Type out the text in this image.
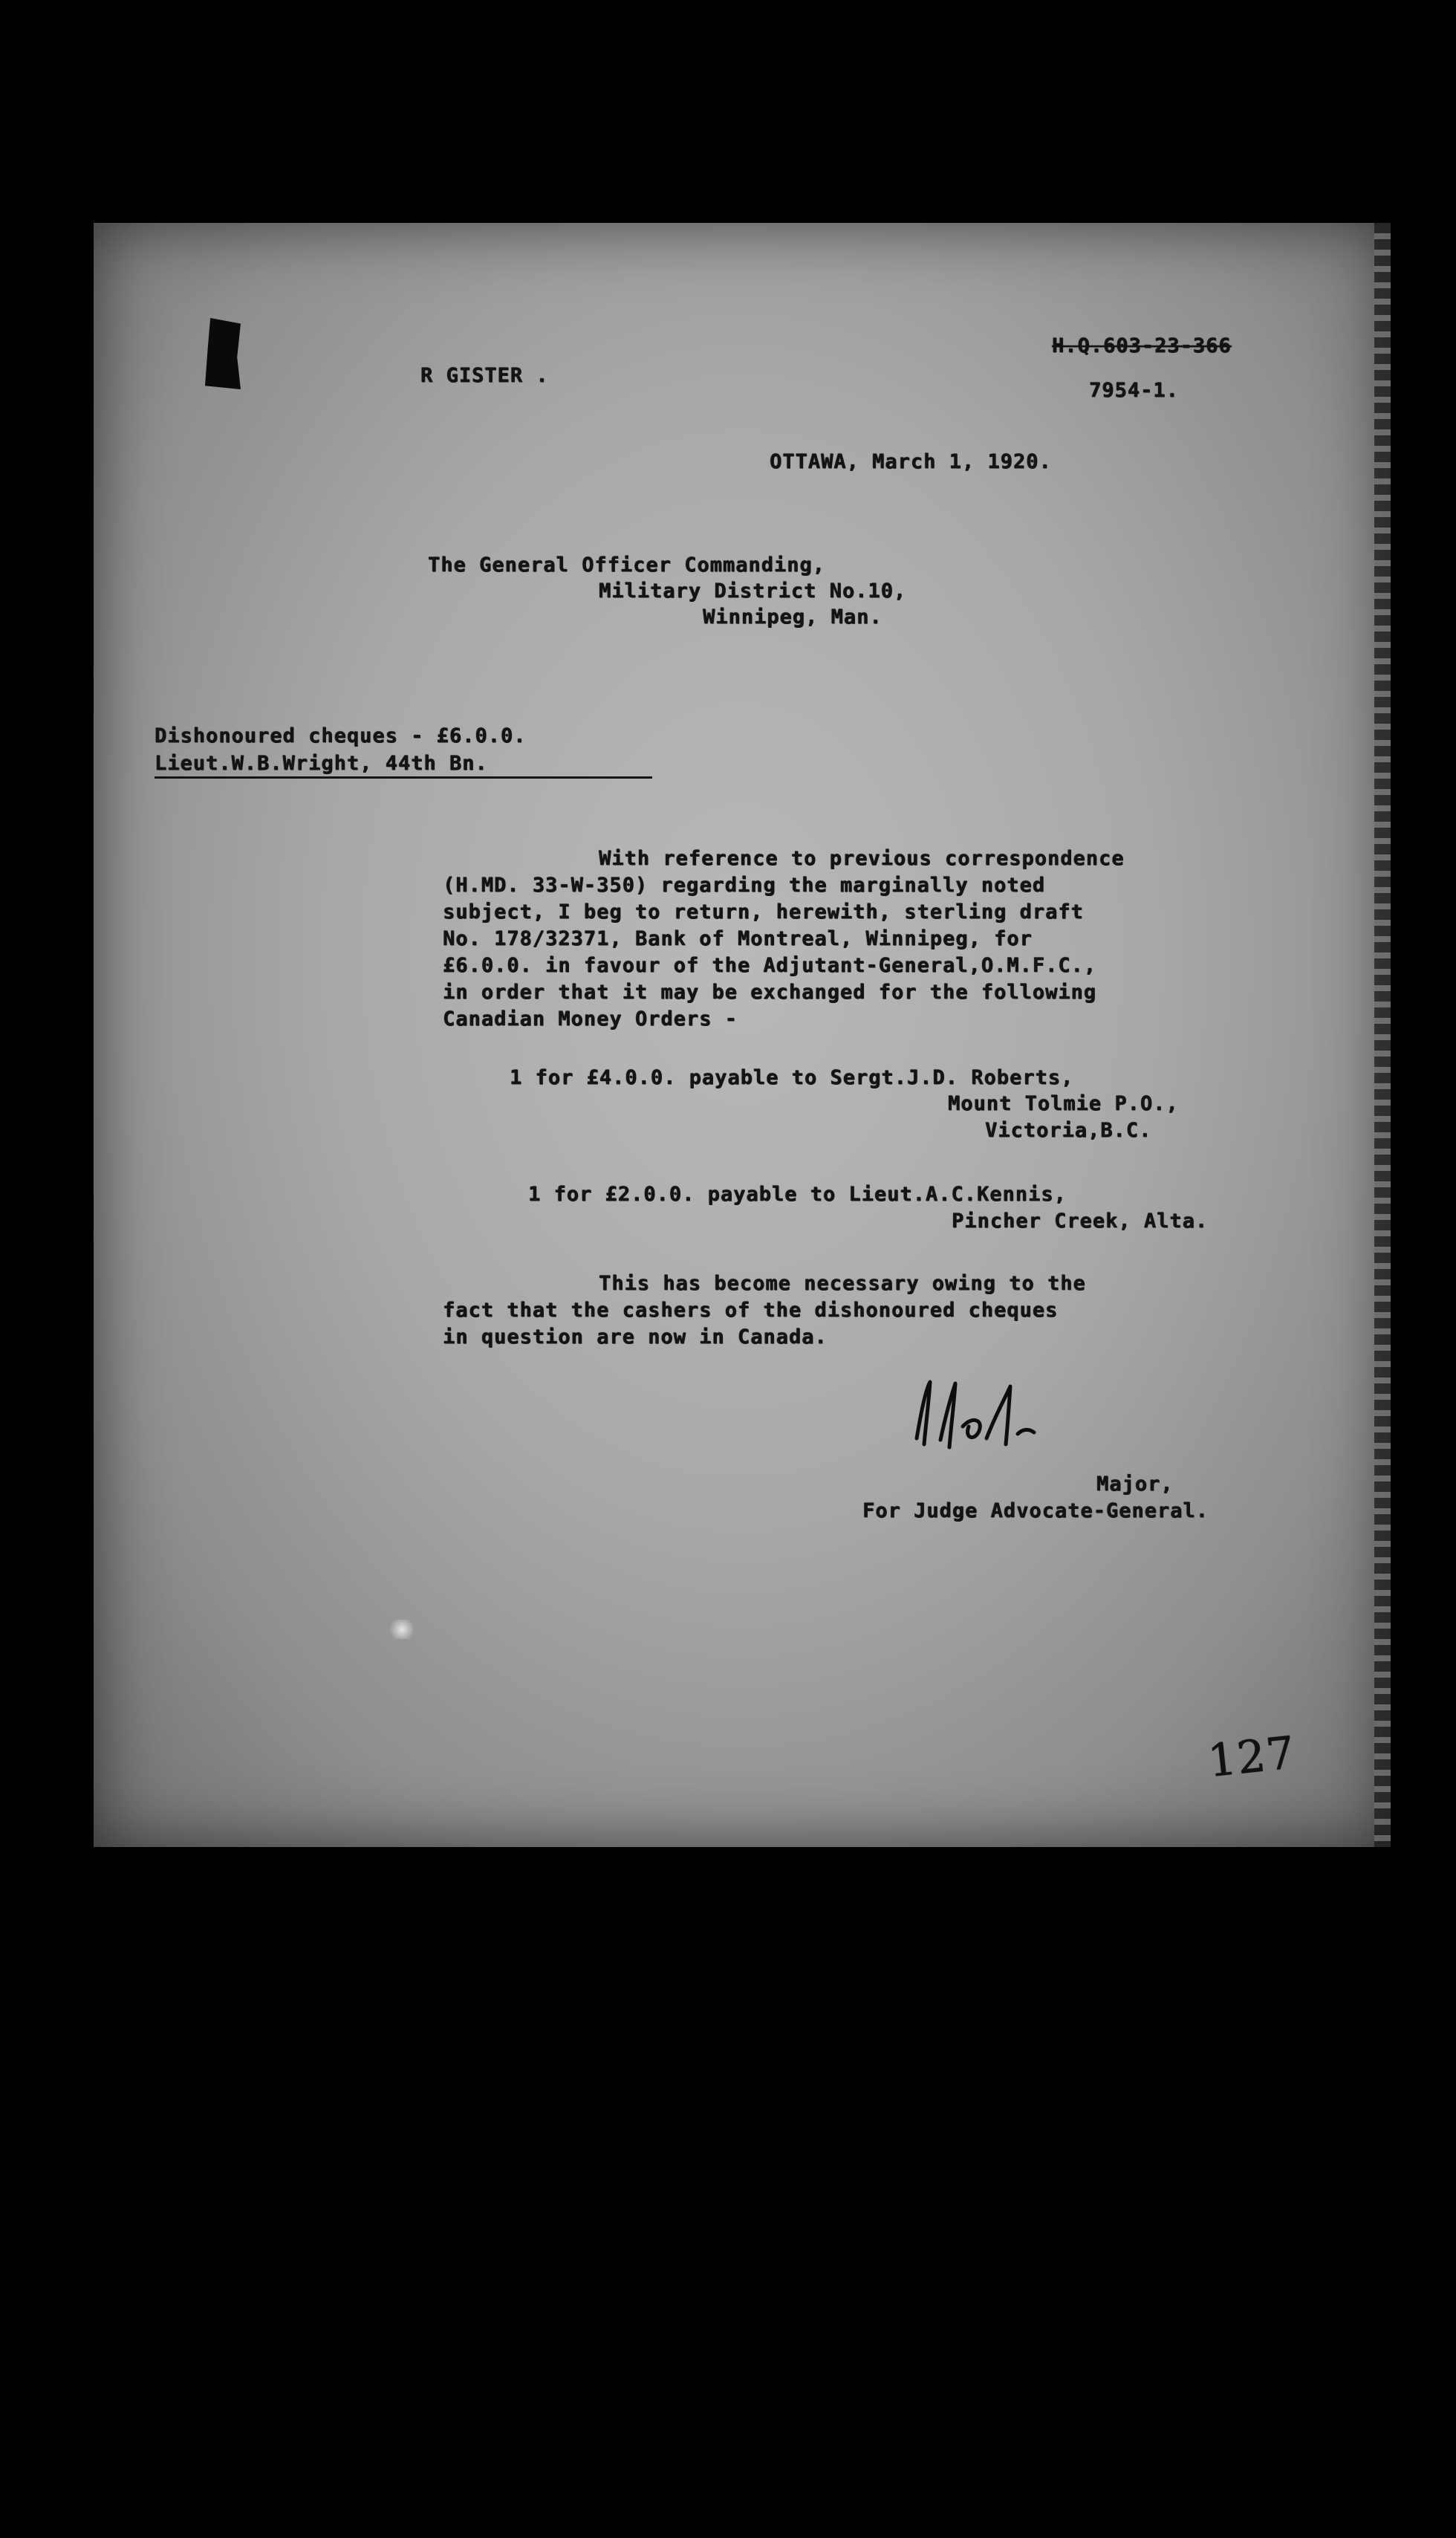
R GISTER .
H.Q.603-23-366
7954-1.
OTTAWA, March 1, 1920.
The General Officer Commanding,
Military District No.10,
Winnipeg, Man.
Dishonoured cheques - £6.0.0.
Lieut.W.B.Wright, 44th Bn.
With reference to previous correspondence
(H.MD. 33-W-350) regarding the marginally noted
subject, I beg to return, herewith, sterling draft
No. 178/32371, Bank of Montreal, Winnipeg, for
£6.0.0. in favour of the Adjutant-General,O.M.F.C.,
in order that it may be exchanged for the following
Canadian Money Orders -
1 for £4.0.0. payable to Sergt.J.D. Roberts,
Mount Tolmie P.O.,
Victoria,B.C.
1 for £2.0.0. payable to Lieut.A.C.Kennis,
Pincher Creek, Alta.
This has become necessary owing to the
fact that the cashers of the dishonoured cheques
in question are now in Canada.
Major,
For Judge Advocate-General.
127
